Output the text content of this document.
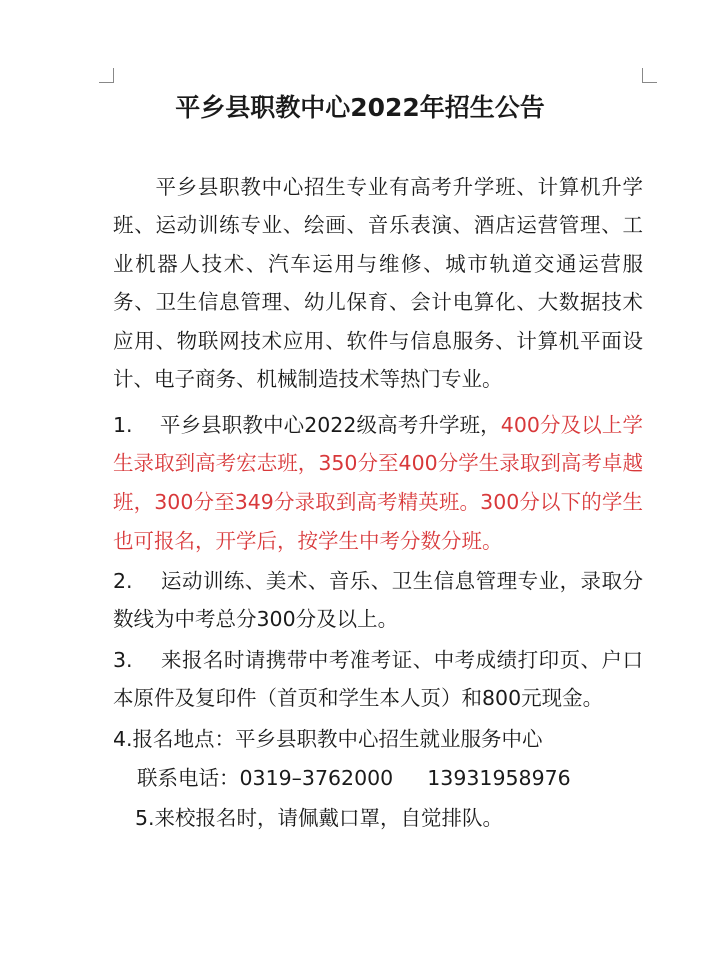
平乡县职教中心2022年招生公告
　　平乡县职教中心招生专业有高考升学班、计算机升学
班、运动训练专业、绘画、音乐表演、酒店运营管理、工
业机器人技术、汽车运用与维修、城市轨道交通运营服
务、卫生信息管理、幼儿保育、会计电算化、大数据技术
应用、物联网技术应用、软件与信息服务、计算机平面设
计、电子商务、机械制造技术等热门专业。
1.　 平乡县职教中心2022级高考升学班，400分及以上学
生录取到高考宏志班，350分至400分学生录取到高考卓越
班，300分至349分录取到高考精英班。300分以下的学生
也可报名，开学后，按学生中考分数分班。
2.　 运动训练、美术、音乐、卫生信息管理专业，录取分
数线为中考总分300分及以上。
3.　 来报名时请携带中考准考证、中考成绩打印页、户口
本原件及复印件（首页和学生本人页）和800元现金。
4.报名地点：平乡县职教中心招生就业服务中心
联系电话：0319–3762000 13931958976
5.来校报名时，请佩戴口罩，自觉排队。
